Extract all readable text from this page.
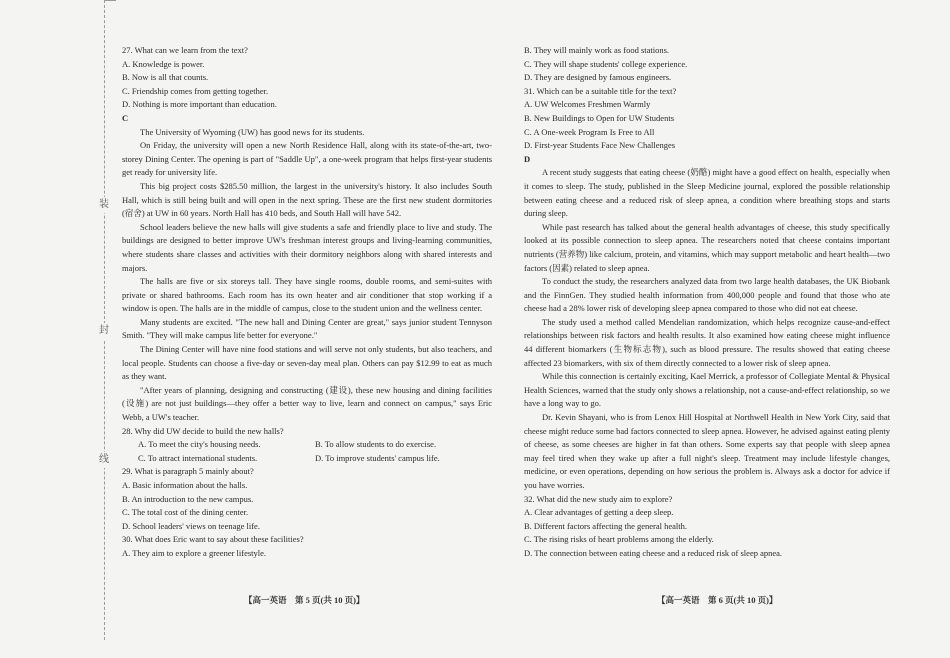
装
封
线

27. What can we learn from the text?

A. Knowledge is power.

B. Now is all that counts.

C. Friendship comes from getting together.

D. Nothing is more important than education.

C

The University of Wyoming (UW) has good news for its students.

On Friday, the university will open a new North Residence Hall, along with its state-of-the-art, two-storey Dining Center. The opening is part of "Saddle Up", a one-week program that helps first-year students get ready for university life.

This big project costs $285.50 million, the largest in the university's history. It also includes South Hall, which is still being built and will open in the next spring. These are the first new student dormitories (宿舍) at UW in 60 years. North Hall has 410 beds, and South Hall will have 542.

School leaders believe the new halls will give students a safe and friendly place to live and study. The buildings are designed to better improve UW's freshman interest groups and living-learning communities, where students share classes and activities with their dormitory neighbors along with shared interests and majors.

The halls are five or six storeys tall. They have single rooms, double rooms, and semi-suites with private or shared bathrooms. Each room has its own heater and air conditioner that stop working if a window is open. The halls are in the middle of campus, close to the student union and the wellness center.

Many students are excited. "The new hall and Dining Center are great," says junior student Tennyson Smith. "They will make campus life better for everyone."

The Dining Center will have nine food stations and will serve not only students, but also teachers, and local people. Students can choose a five-day or seven-day meal plan. Others can pay $12.99 to eat as much as they want.

"After years of planning, designing and constructing (建设), these new housing and dining facilities (设施) are not just buildings—they offer a better way to live, learn and connect on campus," says Eric Webb, a UW's teacher.

28. Why did UW decide to build the new halls?

A. To meet the city's housing needs.	B. To allow students to do exercise.
C. To attract international students.	D. To improve students' campus life.

29. What is paragraph 5 mainly about?

A. Basic information about the halls.

B. An introduction to the new campus.

C. The total cost of the dining center.

D. School leaders' views on teenage life.

30. What does Eric want to say about these facilities?

A. They aim to explore a greener lifestyle.

B. They will mainly work as food stations.

C. They will shape students' college experience.

D. They are designed by famous engineers.

31. Which can be a suitable title for the text?

A. UW Welcomes Freshmen Warmly

B. New Buildings to Open for UW Students

C. A One-week Program Is Free to All

D. First-year Students Face New Challenges

D

A recent study suggests that eating cheese (奶酪) might have a good effect on health, especially when it comes to sleep. The study, published in the Sleep Medicine journal, explored the possible relationship between eating cheese and a reduced risk of sleep apnea, a condition where breathing stops and starts during sleep.

While past research has talked about the general health advantages of cheese, this study specifically looked at its possible connection to sleep apnea. The researchers noted that cheese contains important nutrients (营养物) like calcium, protein, and vitamins, which may support metabolic and heart health—two factors (因素) related to sleep apnea.

To conduct the study, the researchers analyzed data from two large health databases, the UK Biobank and the FinnGen. They studied health information from 400,000 people and found that those who ate cheese had a 28% lower risk of developing sleep apnea compared to those who did not eat cheese.

The study used a method called Mendelian randomization, which helps recognize cause-and-effect relationships between risk factors and health results. It also examined how eating cheese might influence 44 different biomarkers (生物标志物), such as blood pressure. The results showed that eating cheese affected 23 biomarkers, with six of them directly connected to a lower risk of sleep apnea.

While this connection is certainly exciting, Kael Merrick, a professor of Collegiate Mental & Physical Health Sciences, warned that the study only shows a relationship, not a cause-and-effect relationship, so we have a long way to go.

Dr. Kevin Shayani, who is from Lenox Hill Hospital at Northwell Health in New York City, said that cheese might reduce some bad factors connected to sleep apnea. However, he advised against eating plenty of cheese, as some cheeses are higher in fat than others. Some experts say that people with sleep apnea may feel tired when they wake up after a full night's sleep. Treatment may include lifestyle changes, medicine, or even operations, depending on how serious the problem is. Always ask a doctor for advice if you have worries.

32. What did the new study aim to explore?

A. Clear advantages of getting a deep sleep.

B. Different factors affecting the general health.

C. The rising risks of heart problems among the elderly.

D. The connection between eating cheese and a reduced risk of sleep apnea.

【高一英语　第 5 页(共 10 页)】	【高一英语　第 6 页(共 10 页)】
